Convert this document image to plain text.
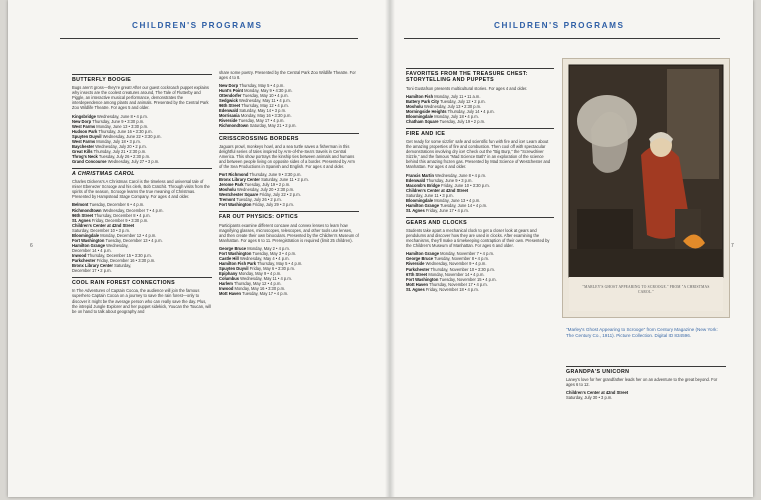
CHILDREN'S PROGRAMS	CHILDREN'S PROGRAMS
BUTTERFLY BOOGIE
Bugs aren't gross—they're great! After our guest cockroach puppet explains why insects are the coolest creatures around, The Tale of Flutterby and Piggle, an interactive musical performance, demonstrates the interdependence among plants and animals. Presented by the Central Park Zoo Wildlife Theatre. For ages 5 and older.
Kingsbridge Wednesday, June 8 • 4 p.m.
New Dorp Thursday, June 9 • 3:30 p.m.
West Farms Monday, June 13 • 3:30 p.m.
Hudson Park Thursday, June 16 • 3:30 p.m.
Spuyten Duyvil Wednesday, June 22 • 3:30 p.m.
West Farms Monday, July 18 • 3 p.m.
Baychester Wednesday, July 20 • 2 p.m.
Great Kills Thursday, July 21 • 2:30 p.m.
Throg's Neck Tuesday, July 26 • 2:30 p.m.
Grand Concourse Wednesday, July 27 • 3 p.m.
A CHRISTMAS CAROL
Charles Dickens's A Christmas Carol is the timeless and universal tale of miser Ebenezer Scrooge and his clerk, Bob Cratchit. Through visits from the spirits of the season, Scrooge learns the true meaning of Christmas. Presented by Hampstead Stage Company. For ages 4 and older.
Belmont Tuesday, December 6 • 4 p.m.
Richmondtown Wednesday, December 7 • 4 p.m.
96th Street Thursday, December 8 • 4 p.m.
St. Agnes Friday, December 9 • 3:30 p.m.
Children's Center at 42nd Street
Saturday, December 10 • 3 p.m.
Bloomingdale Monday, December 12 • 4 p.m.
Fort Washington Tuesday, December 13 • 4 p.m.
Hamilton Grange Wednesday,
December 14 • 4 p.m.
Inwood Thursday, December 15 • 3:30 p.m.
Parkchester Friday, December 16 • 3:30 p.m.
Bronx Library Center Saturday,
December 17 • 2 p.m.
COOL RAIN FOREST CONNECTIONS
In The Adventures of Captain Cocoa, the audience will join the famous superhero Captain Cocoa on a journey to save the rain forest—only to discover it might be the average person who can really save the day. Plus, the intrepid Jungle Explorer and her puppet sidekick, Youcan the Toucan, will be on hand to talk about geography and
share some poetry. Presented by the Central Park Zoo Wildlife Theatre. For ages 4 to 8.
New Dorp Thursday, May 5 • 4 p.m.
Hunt's Point Monday, May 9 • 4:30 p.m.
Ottendorfer Tuesday, May 10 • 4 p.m.
Sedgwick Wednesday, May 11 • 4 p.m.
96th Street Thursday, May 12 • 4 p.m.
Edenwald Saturday, May 14 • 3 p.m.
Morrisania Monday, May 16 • 3:30 p.m.
Riverside Tuesday, May 17 • 4 p.m.
Richmondtown Saturday, May 21 • 2 p.m.
CRISSCROSSING BORDERS
Jaguars prowl, monkeys howl, and a sea turtle saves a fisherman in this delightful series of tales inspired by Arm-of-the-Sea's travels in Central America. This show portrays the kinship ties between animals and humans and between people living on opposite sides of a border. Presented by Arm of the Sea Productions in Spanish and English. For ages 4 and older.
Port Richmond Thursday, June 9 • 3:30 p.m.
Bronx Library Center Saturday, June 11 • 2 p.m.
Jerome Park Tuesday, July 19 • 2 p.m.
Mosholu Wednesday, July 20 • 2:30 p.m.
Westchester Square Friday, July 22 • 2 p.m.
Tremont Tuesday, July 26 • 2 p.m.
Fort Washington Friday, July 29 • 3 p.m.
FAR OUT PHYSICS: OPTICS
Participants examine different concave and convex lenses to learn how magnifying glasses, microscopes, telescopes, and other tools use lenses, and then create their own binoculars. Presented by the Children's Museum of Manhattan. For ages 6 to 11. Preregistration is required (limit 25 children).
George Bruce Monday, May 2 • 4 p.m.
Fort Washington Tuesday, May 3 • 4 p.m.
Castle Hill Wednesday, May 4 • 4 p.m.
Hamilton Fish Park Thursday, May 5 • 4 p.m.
Spuyten Duyvil Friday, May 6 • 3:30 p.m.
Epiphany Monday, May 9 • 4 p.m.
Columbus Wednesday, May 11 • 4 p.m.
Harlem Thursday, May 12 • 4 p.m.
Inwood Monday, May 16 • 3:30 p.m.
Mott Haven Tuesday, May 17 • 4 p.m.
FAVORITES FROM THE TREASURE CHEST: STORYTELLING AND PUPPETS
Toni Gustafson presents multicultural stories. For ages 4 and older.
Hamilton Fish Monday, July 11 • 11 a.m.
Battery Park City Tuesday, July 12 • 2 p.m.
Mosholu Wednesday, July 13 • 2:30 p.m.
Morningside Heights Thursday, July 14 • 4 p.m.
Bloomingdale Monday, July 18 • 4 p.m.
Chatham Square Tuesday, July 19 • 2 p.m.
FIRE AND ICE
Get ready for some sizzlin' safe and scientific fun with fire and ice! Learn about the amazing properties of fire and combustion. Then cool off with spectacular demonstrations involving dry ice! Check out the "Big Burp," the "Screwdriver Sizzle," and the famous "Mad Science Bath" in an exploration of the science behind this amazing frozen gas. Presented by Mad Science of Westchester and Manhattan. For ages 4 and older.
Francis Martin Wednesday, June 8 • 4 p.m.
Edenwald Thursday, June 9 • 3 p.m.
Macomb's Bridge Friday, June 10 • 3:30 p.m.
Children's Center at 42nd Street
Saturday, June 11 • 3 p.m.
Bloomingdale Monday, June 13 • 4 p.m.
Hamilton Grange Tuesday, June 14 • 4 p.m.
St. Agnes Friday, June 17 • 4 p.m.
GEARS AND CLOCKS
Students take apart a mechanical clock to get a closer look at gears and pendulums and discover how they are used in clocks. After examining the mechanisms, they'll make a timekeeping contraption of their own. Presented by the Children's Museum of Manhattan. For ages 6 and older.
Hamilton Grange Monday, November 7 • 4 p.m.
George Bruce Tuesday, November 8 • 4 p.m.
Riverside Wednesday, November 9 • 4 p.m.
Parkchester Thursday, November 10 • 3:30 p.m.
67th Street Monday, November 14 • 4 p.m.
Fort Washington Tuesday, November 15 • 4 p.m.
Mott Haven Thursday, November 17 • 4 p.m.
St. Agnes Friday, November 18 • 4 p.m.
6	7
"MARLEY'S GHOST APPEARING TO SCROOGE." FROM "A CHRISTMAS CAROL."
"Marley's Ghost Appearing to Scrooge" from Century Magazine (New York: The Century Co., 1911). Picture Collection. Digital ID 834596.
GRANDPA'S UNICORN
Laney's love for her grandfather leads her on an adventure to the great beyond. For ages 6 to 12.
Children's Center at 42nd Street
Saturday, July 30 • 3 p.m.
